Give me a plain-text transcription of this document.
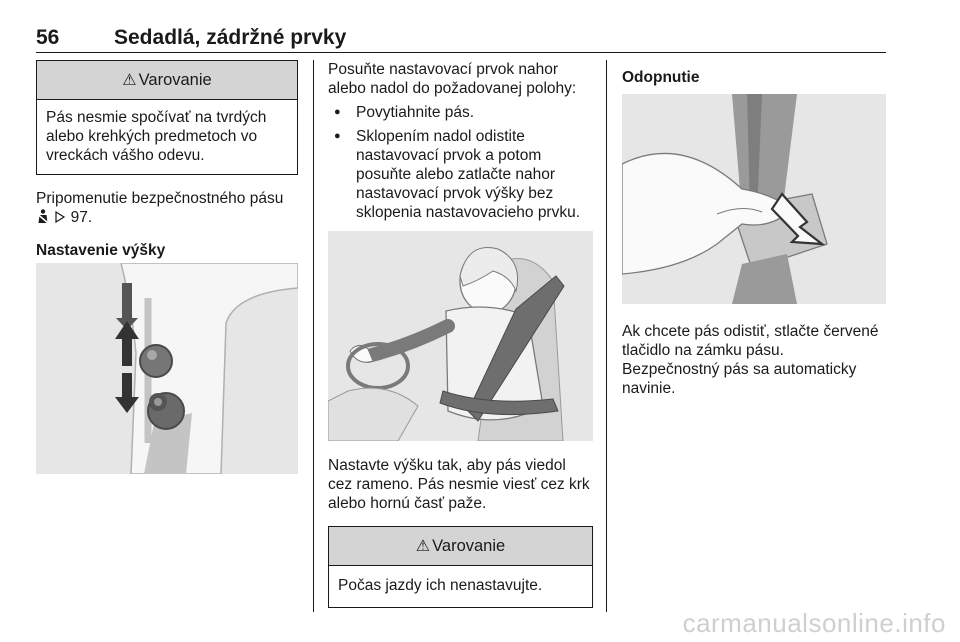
56	Sedadlá, zádržné prvky
⚠ Varovanie
Pás nesmie spočívať na tvrdých alebo krehkých predmetoch vo vreckách vášho odevu.

Pripomenutie bezpečnostného pásu
97.

Nastavenie výšky

Posuňte nastavovací prvok nahor alebo nadol do požadovanej polohy:

● Povytiahnite pás.
● Sklopením nadol odistite nastavovací prvok a potom posuňte alebo zatlačte nahor nastavovací prvok výšky bez sklopenia nastavovacieho prvku.

Nastavte výšku tak, aby pás viedol cez rameno. Pás nesmie viesť cez krk alebo hornú časť paže.

⚠ Varovanie
Počas jazdy ich nenastavujte.

Odopnutie

Ak chcete pás odistiť, stlačte červené tlačidlo na zámku pásu.

Bezpečnostný pás sa automaticky navinie.

carmanualsonline.info
